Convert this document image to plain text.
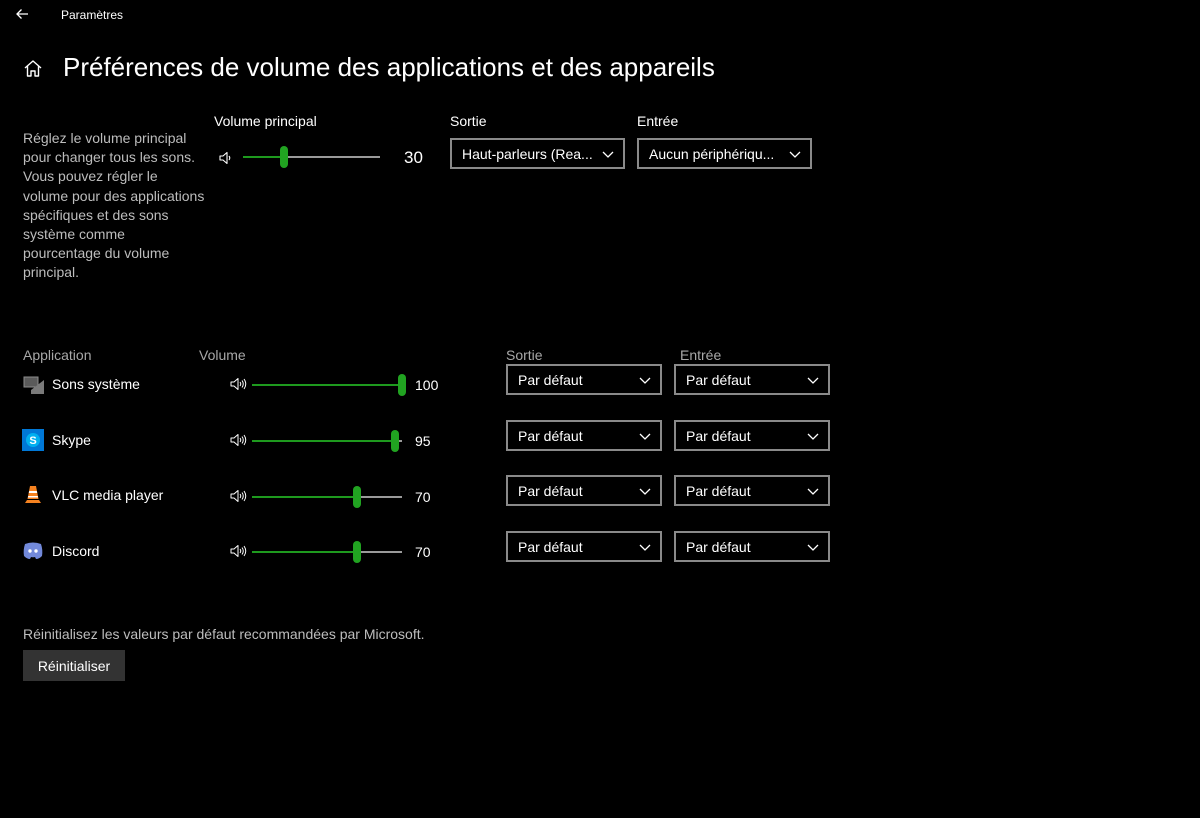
Paramètres
Préférences de volume des applications et des appareils
Réglez le volume principal pour changer tous les sons. Vous pouvez régler le volume pour des applications spécifiques et des sons système comme pourcentage du volume principal.
Volume principal
30
Sortie
Haut-parleurs (Rea...
Entrée
Aucun périphériqu...
Application	Volume	Sortie	Entrée
Sons système	100	Par défaut	Par défaut
S Skype	95	Par défaut	Par défaut
VLC media player	70	Par défaut	Par défaut
Discord	70	Par défaut	Par défaut
Réinitialisez les valeurs par défaut recommandées par Microsoft.
Réinitialiser
